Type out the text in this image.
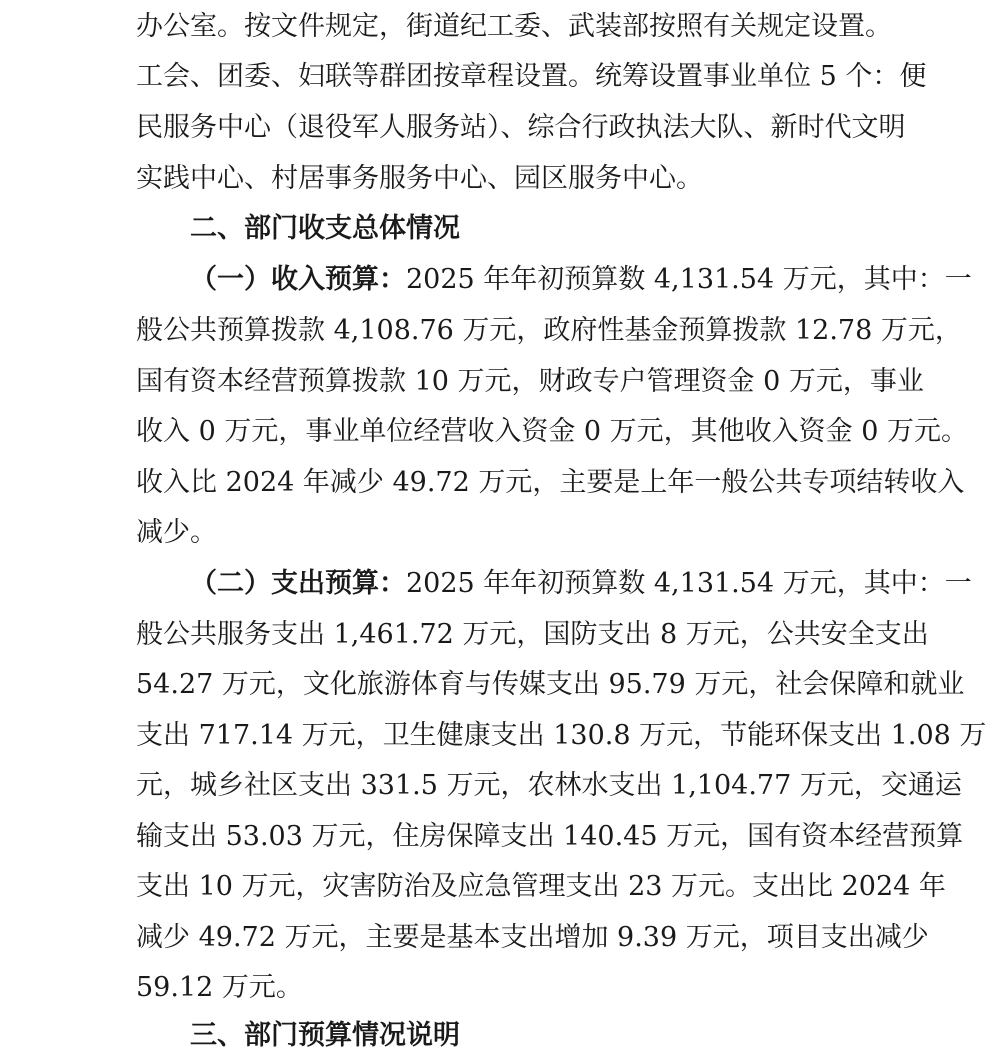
办公室。按文件规定，街道纪工委、武装部按照有关规定设置。

工会、团委、妇联等群团按章程设置。统筹设置事业单位 5 个：便

民服务中心（退役军人服务站）、综合行政执法大队、新时代文明

实践中心、村居事务服务中心、园区服务中心。

二、部门收支总体情况

（一）收入预算：2025 年年初预算数 4,131.54 万元，其中：一

般公共预算拨款 4,108.76 万元，政府性基金预算拨款 12.78 万元，

国有资本经营预算拨款 10 万元，财政专户管理资金 0 万元，事业

收入 0 万元，事业单位经营收入资金 0 万元，其他收入资金 0 万元。

收入比 2024 年减少 49.72 万元，主要是上年一般公共专项结转收入

减少。

（二）支出预算：2025 年年初预算数 4,131.54 万元，其中：一

般公共服务支出 1,461.72 万元，国防支出 8 万元，公共安全支出

54.27 万元，文化旅游体育与传媒支出 95.79 万元，社会保障和就业

支出 717.14 万元，卫生健康支出 130.8 万元，节能环保支出 1.08 万

元，城乡社区支出 331.5 万元，农林水支出 1,104.77 万元，交通运

输支出 53.03 万元，住房保障支出 140.45 万元，国有资本经营预算

支出 10 万元，灾害防治及应急管理支出 23 万元。支出比 2024 年

减少 49.72 万元，主要是基本支出增加 9.39 万元，项目支出减少

59.12 万元。

三、部门预算情况说明
